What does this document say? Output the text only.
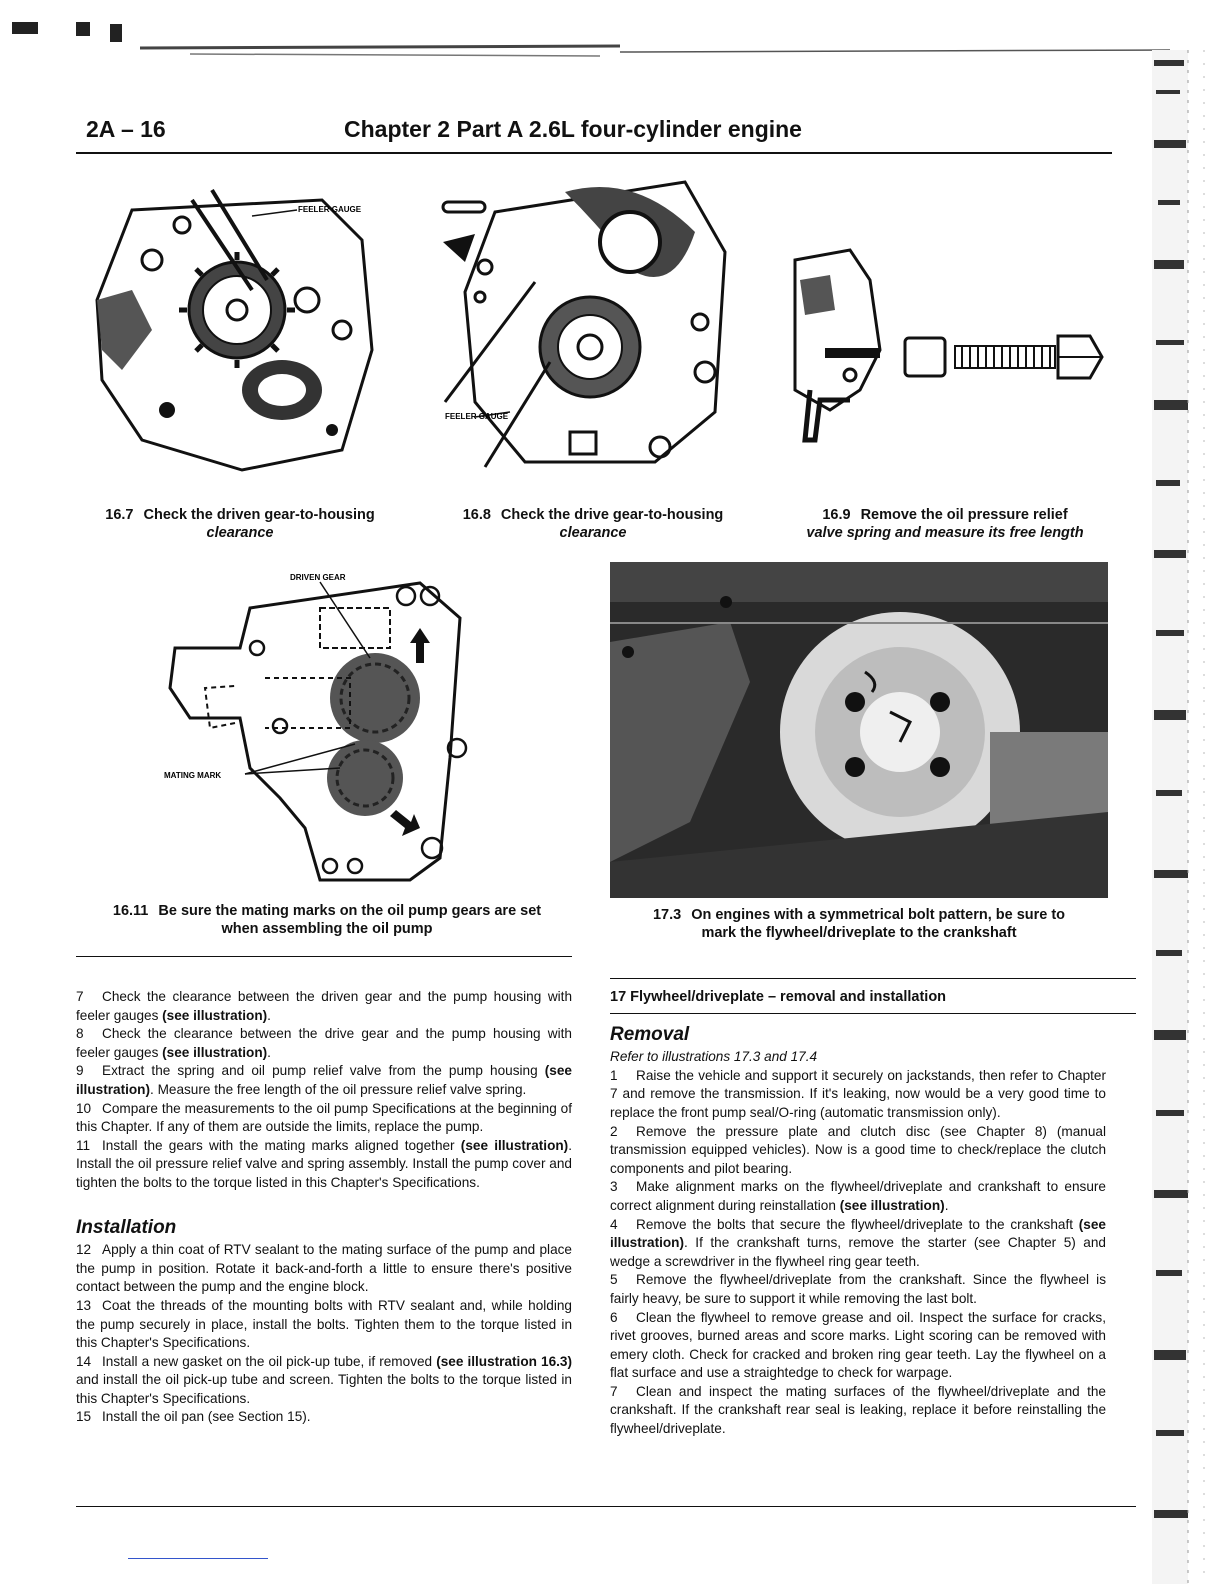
2A – 16	Chapter 2 Part A 2.6L four-cylinder engine
FEELER GAUGE
16.7 Check the driven gear-to-housing
clearance
FEELER GAUGE
16.8 Check the drive gear-to-housing
clearance
16.9 Remove the oil pressure relief
valve spring and measure its free length
DRIVEN GEAR
MATING MARK
16.11 Be sure the mating marks on the oil pump gears are set
when assembling the oil pump
17.3 On engines with a symmetrical bolt pattern, be sure to
mark the flywheel/driveplate to the crankshaft

7 Check the clearance between the driven gear and the pump housing with feeler gauges (see illustration).

8 Check the clearance between the drive gear and the pump housing with feeler gauges (see illustration).

9 Extract the spring and oil pump relief valve from the pump housing (see illustration). Measure the free length of the oil pressure relief valve spring.

10 Compare the measurements to the oil pump Specifications at the beginning of this Chapter. If any of them are outside the limits, replace the pump.

11 Install the gears with the mating marks aligned together (see illustration). Install the oil pressure relief valve and spring assembly. Install the pump cover and tighten the bolts to the torque listed in this Chapter's Specifications.

Installation

12 Apply a thin coat of RTV sealant to the mating surface of the pump and place the pump in position. Rotate it back-and-forth a little to ensure there's positive contact between the pump and the engine block.

13 Coat the threads of the mounting bolts with RTV sealant and, while holding the pump securely in place, install the bolts. Tighten them to the torque listed in this Chapter's Specifications.

14 Install a new gasket on the oil pick-up tube, if removed (see illustration 16.3) and install the oil pick-up tube and screen. Tighten the bolts to the torque listed in this Chapter's Specifications.

15 Install the oil pan (see Section 15).

17 Flywheel/driveplate – removal and installation
Removal

Refer to illustrations 17.3 and 17.4

1 Raise the vehicle and support it securely on jackstands, then refer to Chapter 7 and remove the transmission. If it's leaking, now would be a very good time to replace the front pump seal/O-ring (automatic transmission only).

2 Remove the pressure plate and clutch disc (see Chapter 8) (manual transmission equipped vehicles). Now is a good time to check/replace the clutch components and pilot bearing.

3 Make alignment marks on the flywheel/driveplate and crankshaft to ensure correct alignment during reinstallation (see illustration).

4 Remove the bolts that secure the flywheel/driveplate to the crankshaft (see illustration). If the crankshaft turns, remove the starter (see Chapter 5) and wedge a screwdriver in the flywheel ring gear teeth.

5 Remove the flywheel/driveplate from the crankshaft. Since the flywheel is fairly heavy, be sure to support it while removing the last bolt.

6 Clean the flywheel to remove grease and oil. Inspect the surface for cracks, rivet grooves, burned areas and score marks. Light scoring can be removed with emery cloth. Check for cracked and broken ring gear teeth. Lay the flywheel on a flat surface and use a straightedge to check for warpage.

7 Clean and inspect the mating surfaces of the flywheel/driveplate and the crankshaft. If the crankshaft rear seal is leaking, replace it before reinstalling the flywheel/driveplate.
